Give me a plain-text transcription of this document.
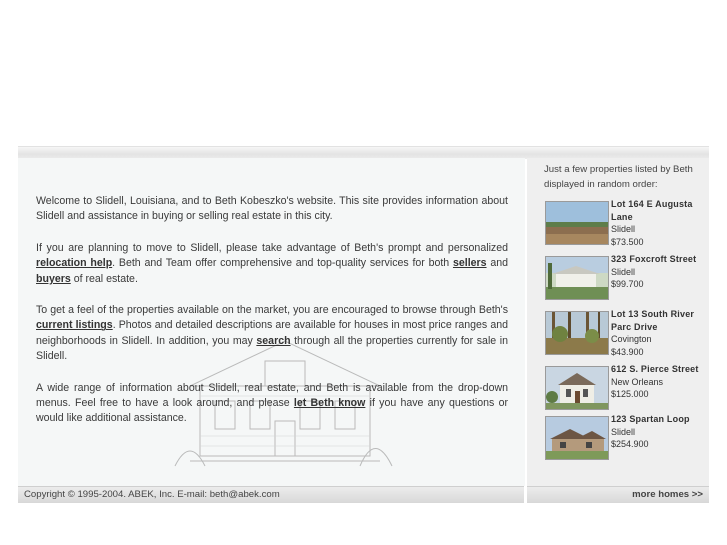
Welcome to Slidell, Louisiana, and to Beth Kobeszko's website. This site provides information about Slidell and assistance in buying or selling real estate in this city.

If you are planning to move to Slidell, please take advantage of Beth's prompt and personalized relocation help. Beth and Team offer comprehensive and top-quality services for both sellers and buyers of real estate.

To get a feel of the properties available on the market, you are encouraged to browse through Beth's current listings. Photos and detailed descriptions are available for houses in most price ranges and neighborhoods in Slidell. In addition, you may search through all the properties currently for sale in Slidell.

A wide range of information about Slidell, real estate, and Beth is available from the drop-down menus. Feel free to have a look around, and please let Beth know if you have any questions or would like additional assistance.

Just a few properties listed by Beth displayed in random order:
Lot 164 E Augusta Lane
Slidell
$73.500
323 Foxcroft Street
Slidell
$99.700
Lot 13 South River Parc Drive
Covington
$43.900
612 S. Pierce Street
New Orleans
$125.000
123 Spartan Loop
Slidell
$254.900
Copyright © 1995-2004. ABEK, Inc. E-mail: beth@abek.com	more homes >>
